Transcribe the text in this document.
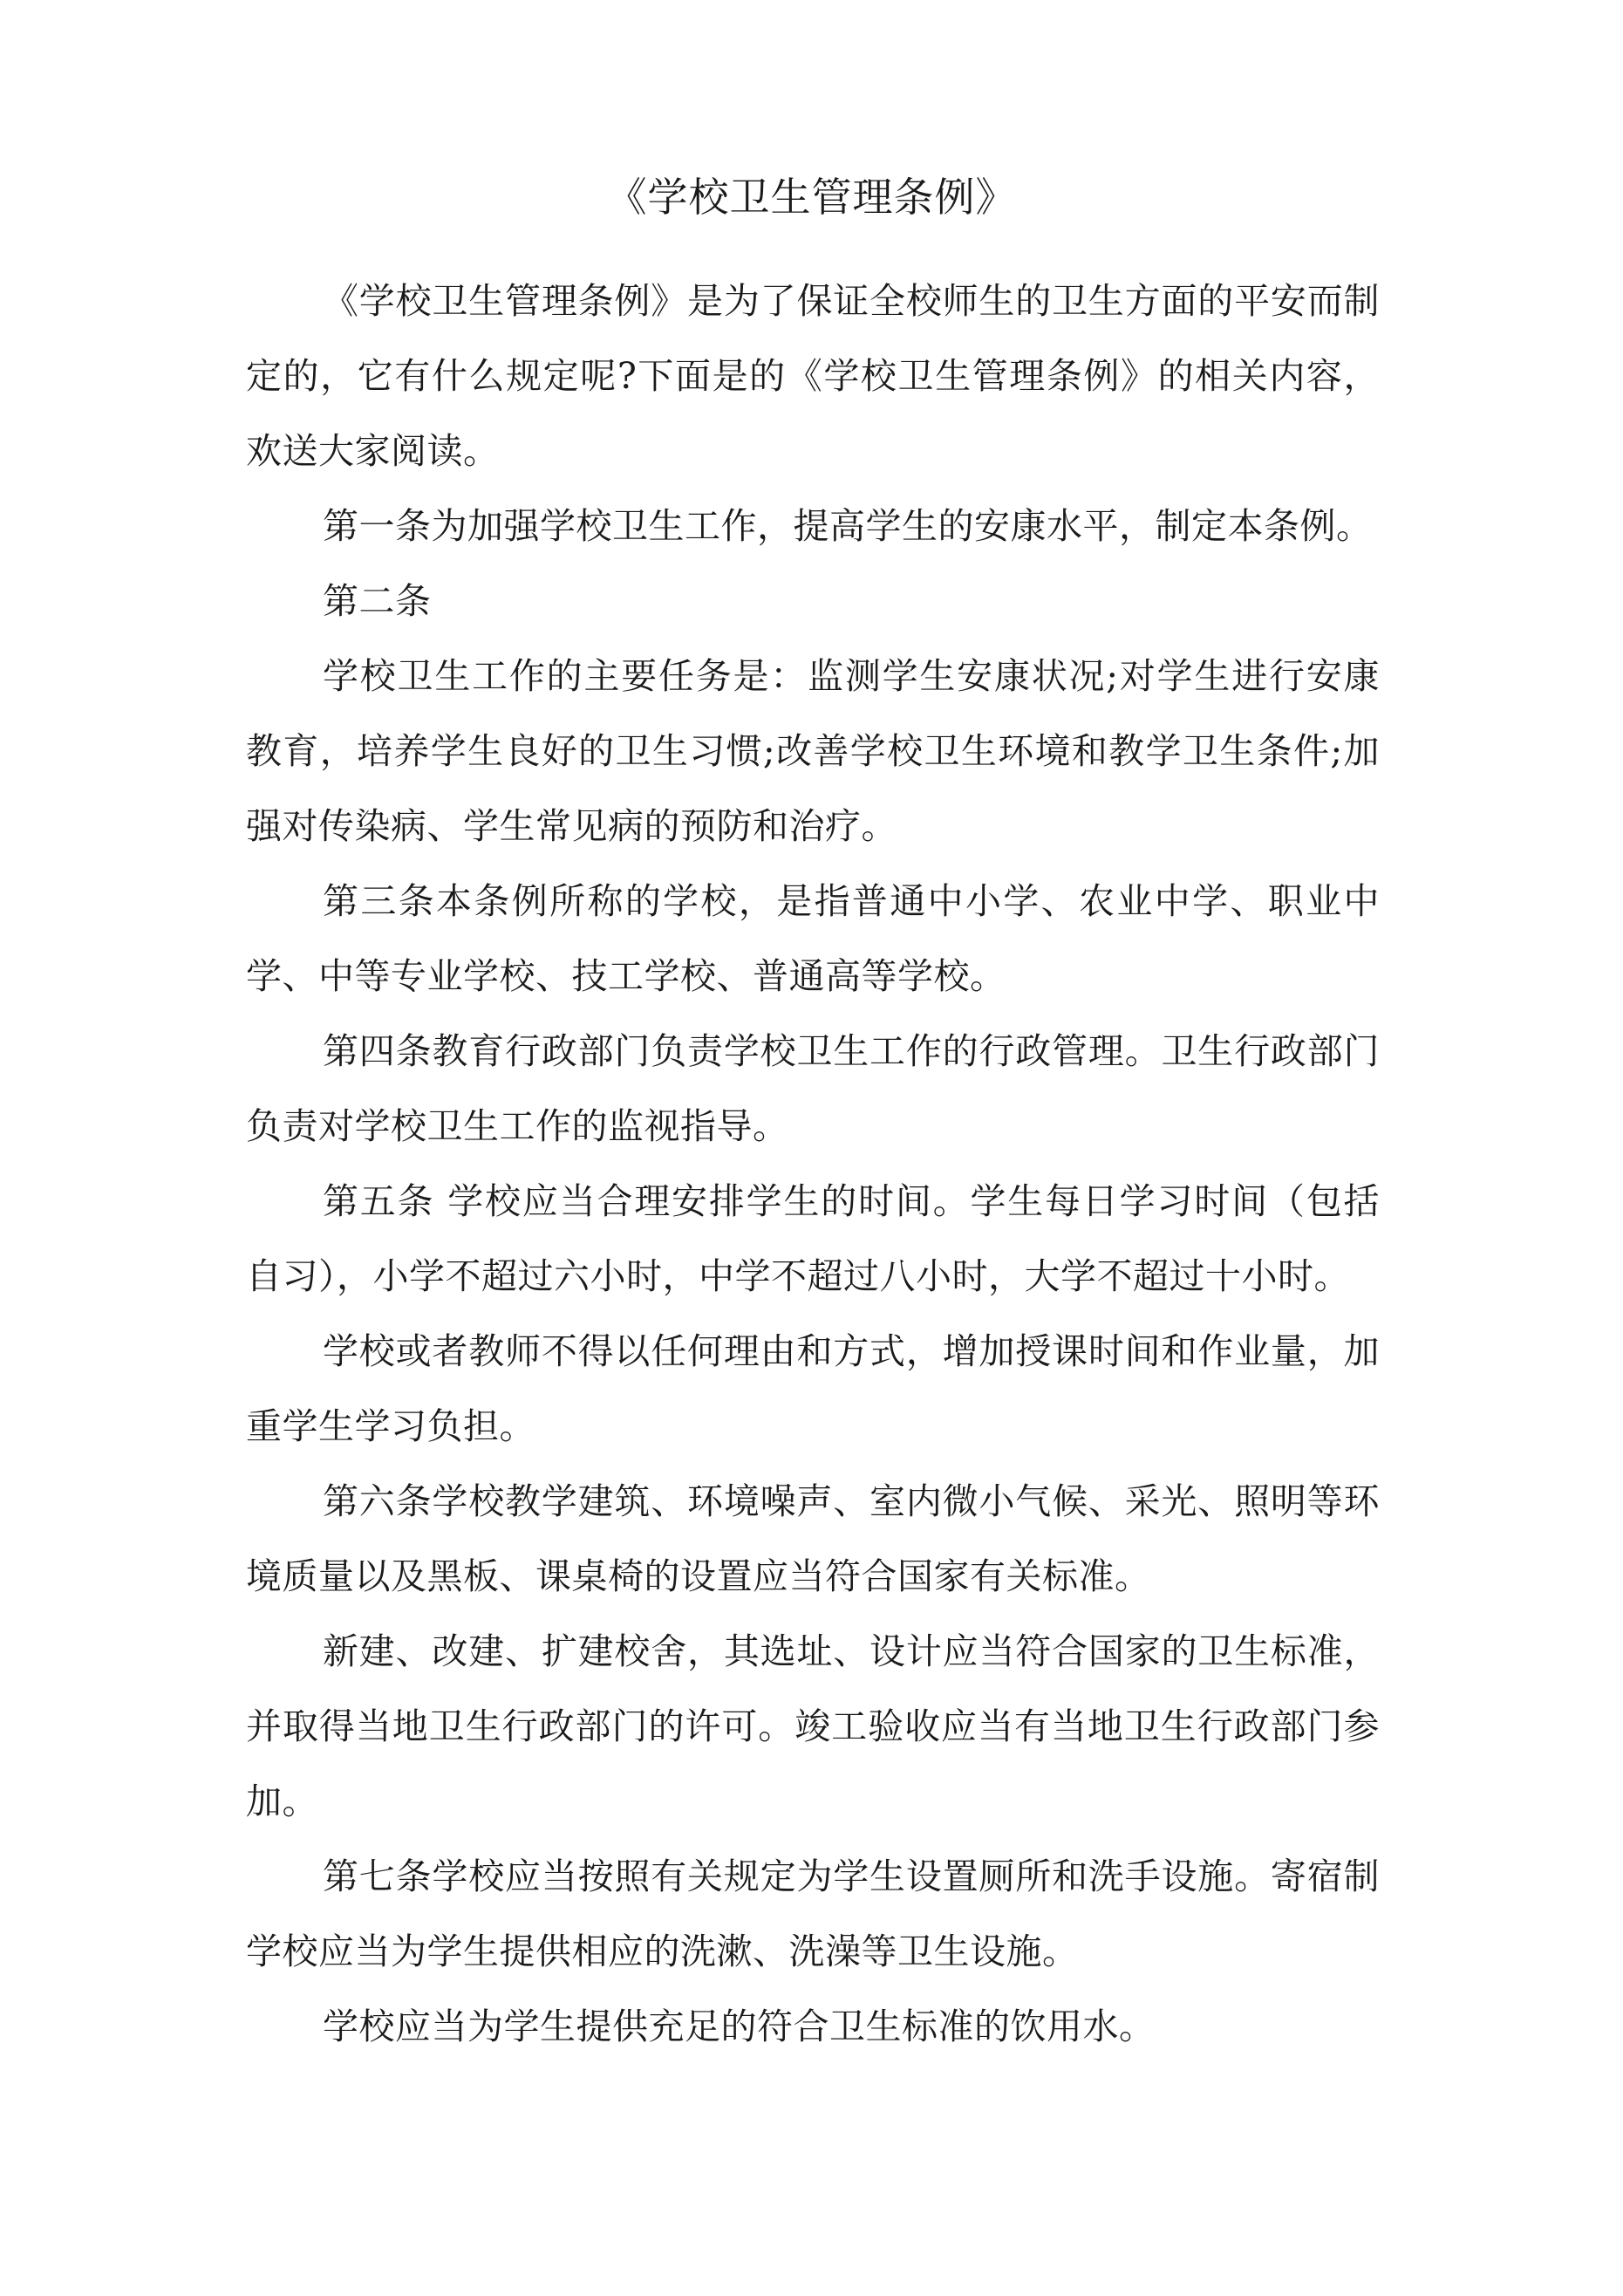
《学校卫生管理条例》

《学校卫生管理条例》是为了保证全校师生的卫生方面的平安而制定的，它有什么规定呢?下面是的《学校卫生管理条例》的相关内容，欢送大家阅读。

第一条为加强学校卫生工作，提高学生的安康水平，制定本条例。

第二条

学校卫生工作的主要任务是：监测学生安康状况;对学生进行安康教育，培养学生良好的卫生习惯;改善学校卫生环境和教学卫生条件;加强对传染病、学生常见病的预防和治疗。

第三条本条例所称的学校，是指普通中小学、农业中学、职业中学、中等专业学校、技工学校、普通高等学校。

第四条教育行政部门负责学校卫生工作的行政管理。卫生行政部门负责对学校卫生工作的监视指导。

第五条 学校应当合理安排学生的时间。学生每日学习时间（包括自习），小学不超过六小时，中学不超过八小时，大学不超过十小时。

学校或者教师不得以任何理由和方式，增加授课时间和作业量，加重学生学习负担。

第六条学校教学建筑、环境噪声、室内微小气候、采光、照明等环境质量以及黑板、课桌椅的设置应当符合国家有关标准。

新建、改建、扩建校舍，其选址、设计应当符合国家的卫生标准，并取得当地卫生行政部门的许可。竣工验收应当有当地卫生行政部门参加。

第七条学校应当按照有关规定为学生设置厕所和洗手设施。寄宿制学校应当为学生提供相应的洗漱、洗澡等卫生设施。

学校应当为学生提供充足的符合卫生标准的饮用水。
